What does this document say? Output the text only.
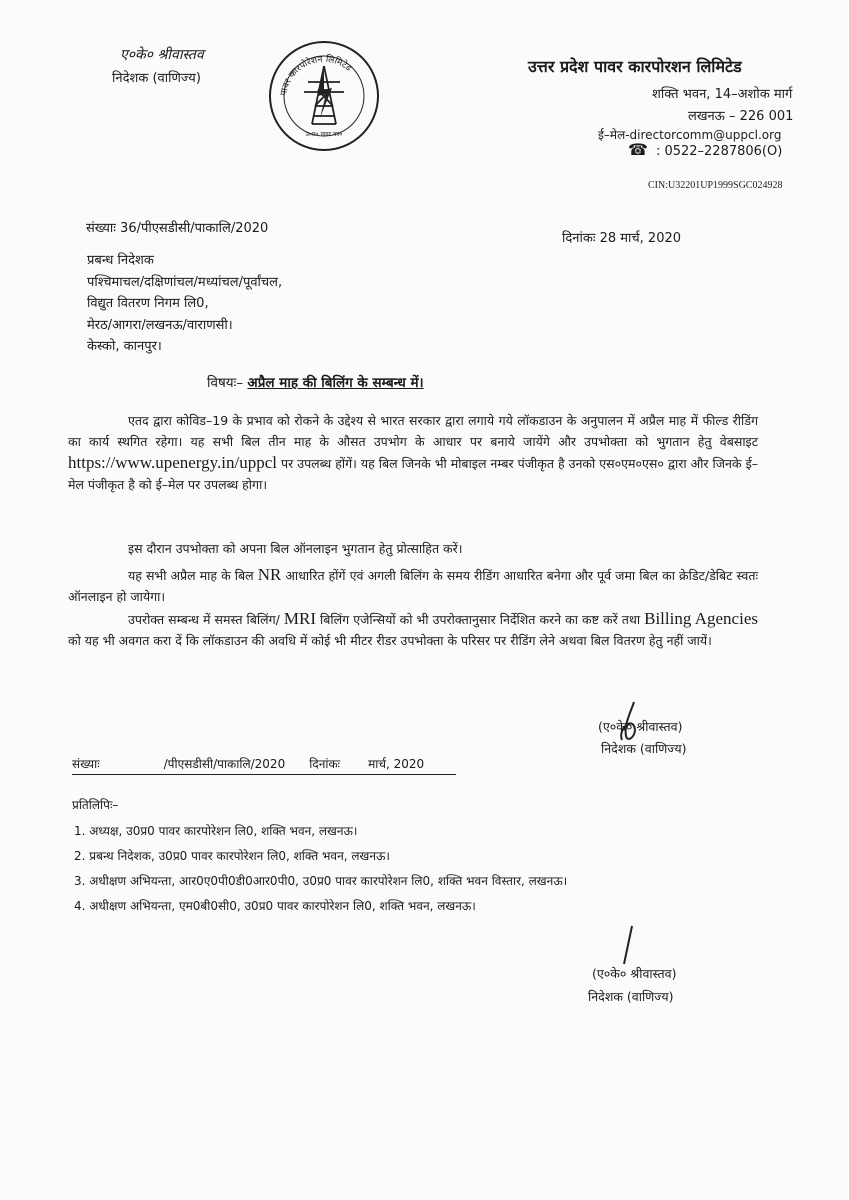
ए०के० श्रीवास्तव
निदेशक (वाणिज्य)
पावर कारपोरेशन लिमिटेड
उ०प्र० पावर का०
उत्तर प्रदेश पावर कारपोरशन लिमिटेड
शक्ति भवन, 14–अशोक मार्ग
लखनऊ – 226 001
ई–मेल-directorcomm@uppcl.org
☎ : 0522–2287806(O)
CIN:U32201UP1999SGC024928
संख्याः 36/पीएसडीसी/पाकालि/2020
दिनांकः 28 मार्च, 2020
प्रबन्ध निदेशक
पश्चिमाचल/दक्षिणांचल/मध्यांचल/पूर्वांचल,
विद्युत वितरण निगम लि0,
मेरठ/आगरा/लखनऊ/वाराणसी।
केस्को, कानपुर।
विषयः– अप्रैल माह की बिलिंग के सम्बन्ध में।
एतद द्वारा कोविड–19 के प्रभाव को रोकने के उद्देश्य से भारत सरकार द्वारा लगाये गये लॉकडाउन के अनुपालन में अप्रैल माह में फील्ड रीडिंग का कार्य स्थगित रहेगा। यह सभी बिल तीन माह के औसत उपभोग के आधार पर बनाये जायेंगे और उपभोक्ता को भुगतान हेतु वेबसाइट https://www.upenergy.in/uppcl पर उपलब्ध होंगें। यह बिल जिनके भी मोबाइल नम्बर पंजीकृत है उनको एस०एम०एस० द्वारा और जिनके ई–मेल पंजीकृत है को ई–मेल पर उपलब्ध होगा।
इस दौरान उपभोक्ता को अपना बिल ऑनलाइन भुगतान हेतु प्रोत्साहित करें।
यह सभी अप्रैल माह के बिल NR आधारित होंगें एवं अगली बिलिंग के समय रीडिंग आधारित बनेगा और पूर्व जमा बिल का क्रेडिट/डेबिट स्वतः ऑनलाइन हो जायेगा।
उपरोक्त सम्बन्ध में समस्त बिलिंग/ MRI बिलिंग एजेन्सियों को भी उपरोक्तानुसार निर्देशित करने का कष्ट करें तथा Billing Agencies को यह भी अवगत करा दें कि लॉकडाउन की अवधि में कोई भी मीटर रीडर उपभोक्ता के परिसर पर रीडिंग लेने अथवा बिल वितरण हेतु नहीं जायें।
(ए०के० श्रीवास्तव)
निदेशक (वाणिज्य)
संख्याः	/पीएसडीसी/पाकालि/2020 दिनांकः मार्च, 2020
प्रतिलिपिः–
1. अध्यक्ष, उ0प्र0 पावर कारपोरेशन लि0, शक्ति भवन, लखनऊ।
2. प्रबन्ध निदेशक, उ0प्र0 पावर कारपोरेशन लि0, शक्ति भवन, लखनऊ।
3. अधीक्षण अभियन्ता, आर0ए0पी0डी0आर0पी0, उ0प्र0 पावर कारपोरेशन लि0, शक्ति भवन विस्तार, लखनऊ।
4. अधीक्षण अभियन्ता, एम0बी0सी0, उ0प्र0 पावर कारपोरेशन लि0, शक्ति भवन, लखनऊ।
(ए०के० श्रीवास्तव)
निदेशक (वाणिज्य)
